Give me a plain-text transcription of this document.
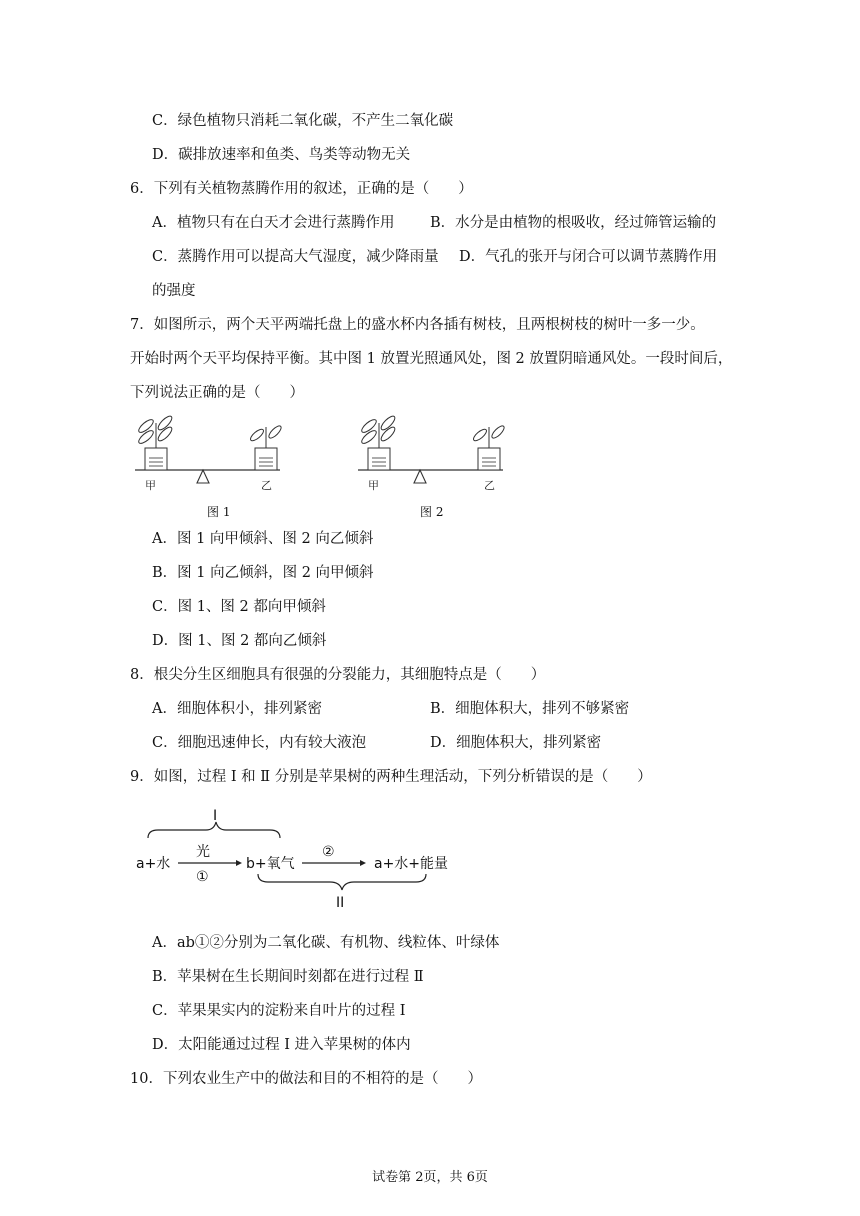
C．绿色植物只消耗二氧化碳，不产生二氧化碳
D．碳排放速率和鱼类、鸟类等动物无关
6．下列有关植物蒸腾作用的叙述，正确的是（　　）
A．植物只有在白天才会进行蒸腾作用 B．水分是由植物的根吸收，经过筛管运输的
C．蒸腾作用可以提高大气湿度，减少降雨量 D．气孔的张开与闭合可以调节蒸腾作用
的强度
7．如图所示，两个天平两端托盘上的盛水杯内各插有树枝，且两根树枝的树叶一多一少。
开始时两个天平均保持平衡。其中图 1 放置光照通风处，图 2 放置阴暗通风处。一段时间后，
下列说法正确的是（　　）
甲	乙	甲	乙
图 1	图 2
A．图 1 向甲倾斜、图 2 向乙倾斜
B．图 1 向乙倾斜，图 2 向甲倾斜
C．图 1、图 2 都向甲倾斜
D．图 1、图 2 都向乙倾斜
8．根尖分生区细胞具有很强的分裂能力，其细胞特点是（　　）
A．细胞体积小，排列紧密	B．细胞体积大，排列不够紧密
C．细胞迅速伸长，内有较大液泡	D．细胞体积大，排列紧密
9．如图，过程 Ⅰ 和 Ⅱ 分别是苹果树的两种生理活动，下列分析错误的是（　　）
I
a+水
光
①
b+氧气
②
a+水+能量
II
A．ab①②分别为二氧化碳、有机物、线粒体、叶绿体
B．苹果树在生长期间时刻都在进行过程 Ⅱ
C．苹果果实内的淀粉来自叶片的过程 I
D．太阳能通过过程 Ⅰ 进入苹果树的体内
10．下列农业生产中的做法和目的不相符的是（　　）
试卷第 2页，共 6页
